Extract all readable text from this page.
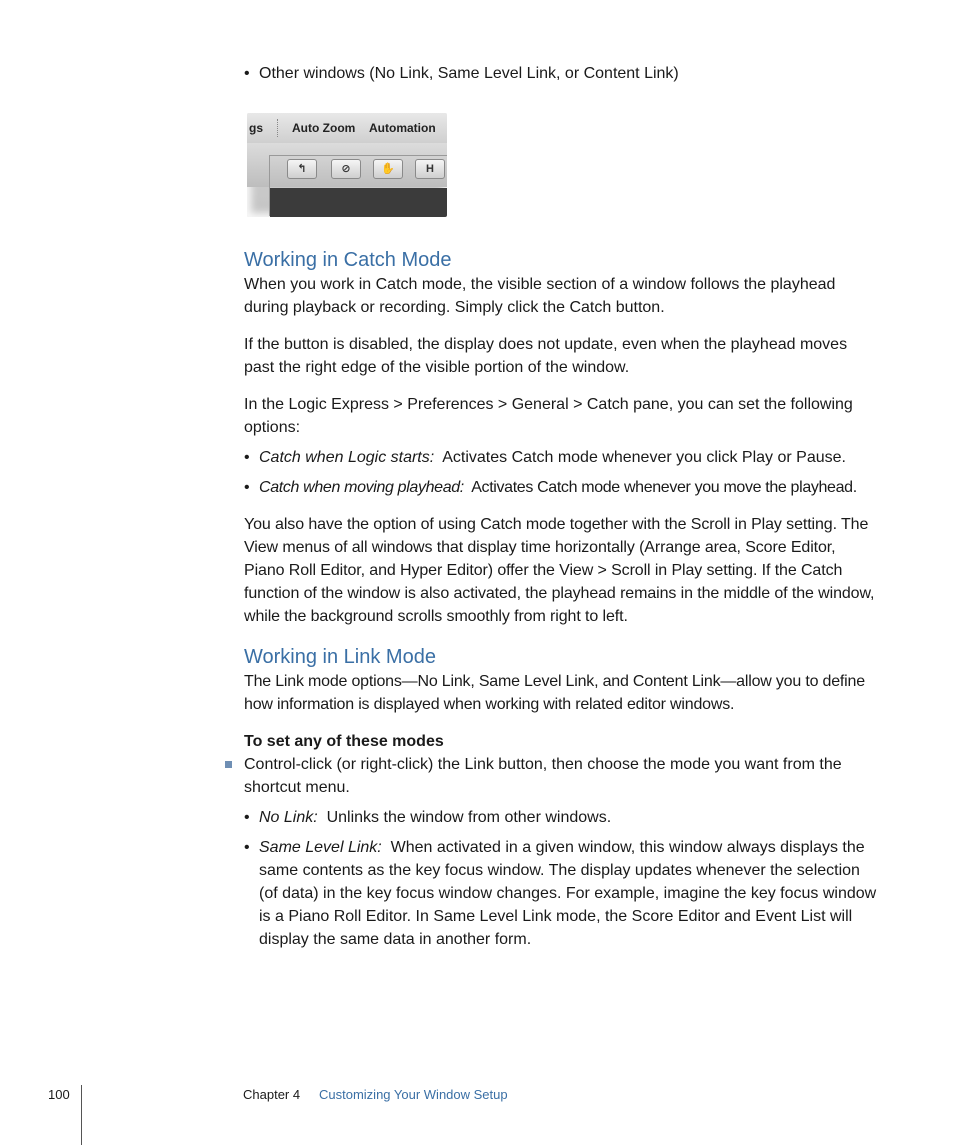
• Other windows (No Link, Same Level Link, or Content Link)
gs Auto Zoom Automation
↰	⊘	✋	H
Working in Catch Mode
When you work in Catch mode, the visible section of a window follows the playhead during playback or recording. Simply click the Catch button.
If the button is disabled, the display does not update, even when the playhead moves past the right edge of the visible portion of the window.
In the Logic Express > Preferences > General > Catch pane, you can set the following options:
• Catch when Logic starts: Activates Catch mode whenever you click Play or Pause.
• Catch when moving playhead: Activates Catch mode whenever you move the playhead.
You also have the option of using Catch mode together with the Scroll in Play setting. The View menus of all windows that display time horizontally (Arrange area, Score Editor, Piano Roll Editor, and Hyper Editor) offer the View > Scroll in Play setting. If the Catch function of the window is also activated, the playhead remains in the middle of the window, while the background scrolls smoothly from right to left.
Working in Link Mode
The Link mode options—No Link, Same Level Link, and Content Link—allow you to define how information is displayed when working with related editor windows.
To set any of these modes
Control-click (or right-click) the Link button, then choose the mode you want from the shortcut menu.
• No Link: Unlinks the window from other windows.
• Same Level Link: When activated in a given window, this window always displays the same contents as the key focus window. The display updates whenever the selection (of data) in the key focus window changes. For example, imagine the key focus window is a Piano Roll Editor. In Same Level Link mode, the Score Editor and Event List will display the same data in another form.
100	Chapter 4 Customizing Your Window Setup
